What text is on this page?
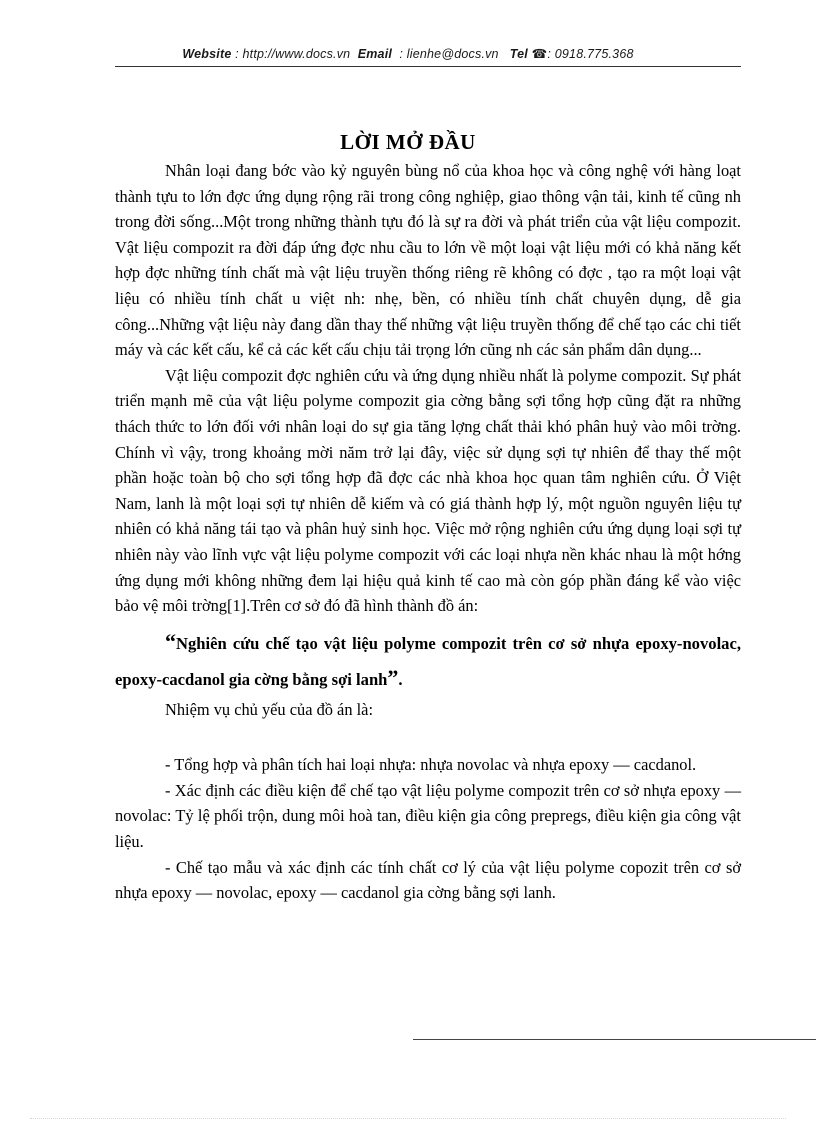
Website : http://www.docs.vn Email : lienhe@docs.vn Tel ☎: 0918.775.368
LỜI MỞ ĐẦU

Nhân loại đang bớc vào kỷ nguyên bùng nổ của khoa học và công nghệ với hàng loạt thành tựu to lớn đợc ứng dụng rộng rãi trong công nghiệp, giao thông vận tải, kinh tế cũng nh trong đời sống...Một trong những thành tựu đó là sự ra đời và phát triển của vật liệu compozit. Vật liệu compozit ra đời đáp ứng đợc nhu cầu to lớn về một loại vật liệu mới có khả năng kết hợp đợc những tính chất mà vật liệu truyền thống riêng rẽ không có đợc , tạo ra một loại vật liệu có nhiều tính chất u việt nh: nhẹ, bền, có nhiều tính chất chuyên dụng, dễ gia công...Những vật liệu này đang dần thay thế những vật liệu truyền thống để chế tạo các chi tiết máy và các kết cấu, kể cả các kết cấu chịu tải trọng lớn cũng nh các sản phẩm dân dụng...

Vật liệu compozit đợc nghiên cứu và ứng dụng nhiều nhất là polyme compozit. Sự phát triển mạnh mẽ của vật liệu polyme compozit gia cờng bằng sợi tổng hợp cũng đặt ra những thách thức to lớn đối với nhân loại do sự gia tăng lợng chất thải khó phân huỷ vào môi trờng. Chính vì vậy, trong khoảng mời năm trở lại đây, việc sử dụng sợi tự nhiên để thay thế một phần hoặc toàn bộ cho sợi tổng hợp đã đợc các nhà khoa học quan tâm nghiên cứu. Ở Việt Nam, lanh là một loại sợi tự nhiên dễ kiếm và có giá thành hợp lý, một nguồn nguyên liệu tự nhiên có khả năng tái tạo và phân huỷ sinh học. Việc mở rộng nghiên cứu ứng dụng loại sợi tự nhiên này vào lĩnh vực vật liệu polyme compozit với các loại nhựa nền khác nhau là một hớng ứng dụng mới không những đem lại hiệu quả kinh tế cao mà còn góp phần đáng kể vào việc bảo vệ môi trờng[1].Trên cơ sở đó đã hình thành đồ án:

“Nghiên cứu chế tạo vật liệu polyme compozit trên cơ sở nhựa epoxy-novolac, epoxy-cacdanol gia cờng bằng sợi lanh”.

Nhiệm vụ chủ yếu của đồ án là:

- Tổng hợp và phân tích hai loại nhựa: nhựa novolac và nhựa epoxy — cacdanol.

- Xác định các điều kiện để chế tạo vật liệu polyme compozit trên cơ sở nhựa epoxy — novolac: Tỷ lệ phối trộn, dung môi hoà tan, điều kiện gia công prepregs, điều kiện gia công vật liệu.

- Chế tạo mẫu và xác định các tính chất cơ lý của vật liệu polyme copozit trên cơ sở nhựa epoxy — novolac, epoxy — cacdanol gia cờng bằng sợi lanh.
